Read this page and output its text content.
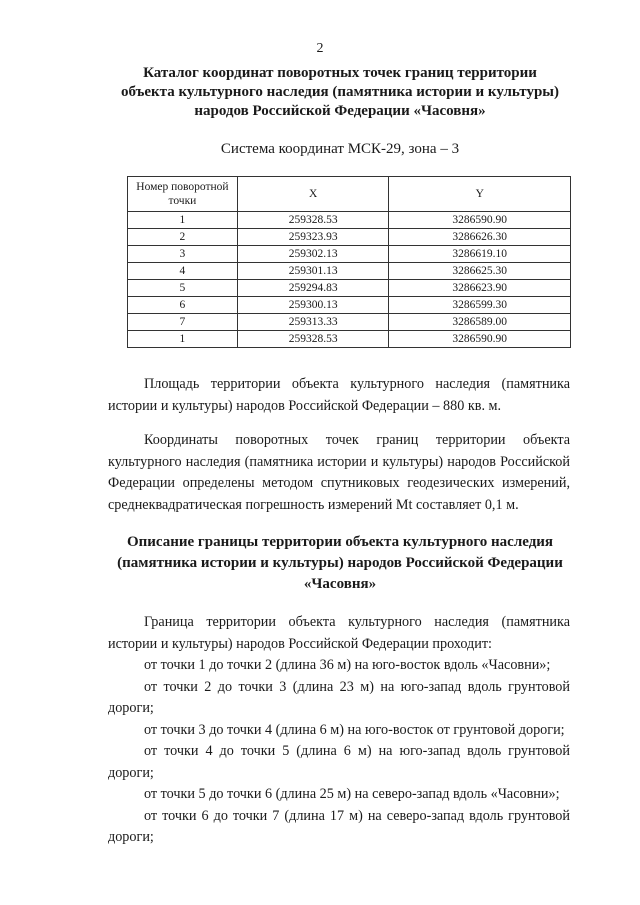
2
Каталог координат поворотных точек границ территории
объекта культурного наследия (памятника истории и культуры)
народов Российской Федерации «Часовня»
Система координат МСК-29, зона – 3
Номер поворотной точки	X	Y
1	259328.53	3286590.90
2	259323.93	3286626.30
3	259302.13	3286619.10
4	259301.13	3286625.30
5	259294.83	3286623.90
6	259300.13	3286599.30
7	259313.33	3286589.00
1	259328.53	3286590.90
Площадь территории объекта культурного наследия (памятника истории и культуры) народов Российской Федерации – 880 кв. м.
Координаты поворотных точек границ территории объекта культурного наследия (памятника истории и культуры) народов Российской Федерации определены методом спутниковых геодезических измерений, среднеквадратическая погрешность измерений Mt составляет 0,1 м.
Описание границы территории объекта культурного наследия
(памятника истории и культуры) народов Российской Федерации
«Часовня»
Граница территории объекта культурного наследия (памятника истории и культуры) народов Российской Федерации проходит:
от точки 1 до точки 2 (длина 36 м) на юго-восток вдоль «Часовни»;
от точки 2 до точки 3 (длина 23 м) на юго-запад вдоль грунтовой дороги;
от точки 3 до точки 4 (длина 6 м) на юго-восток от грунтовой дороги;
от точки 4 до точки 5 (длина 6 м) на юго-запад вдоль грунтовой дороги;
от точки 5 до точки 6 (длина 25 м) на северо-запад вдоль «Часовни»;
от точки 6 до точки 7 (длина 17 м) на северо-запад вдоль грунтовой дороги;
